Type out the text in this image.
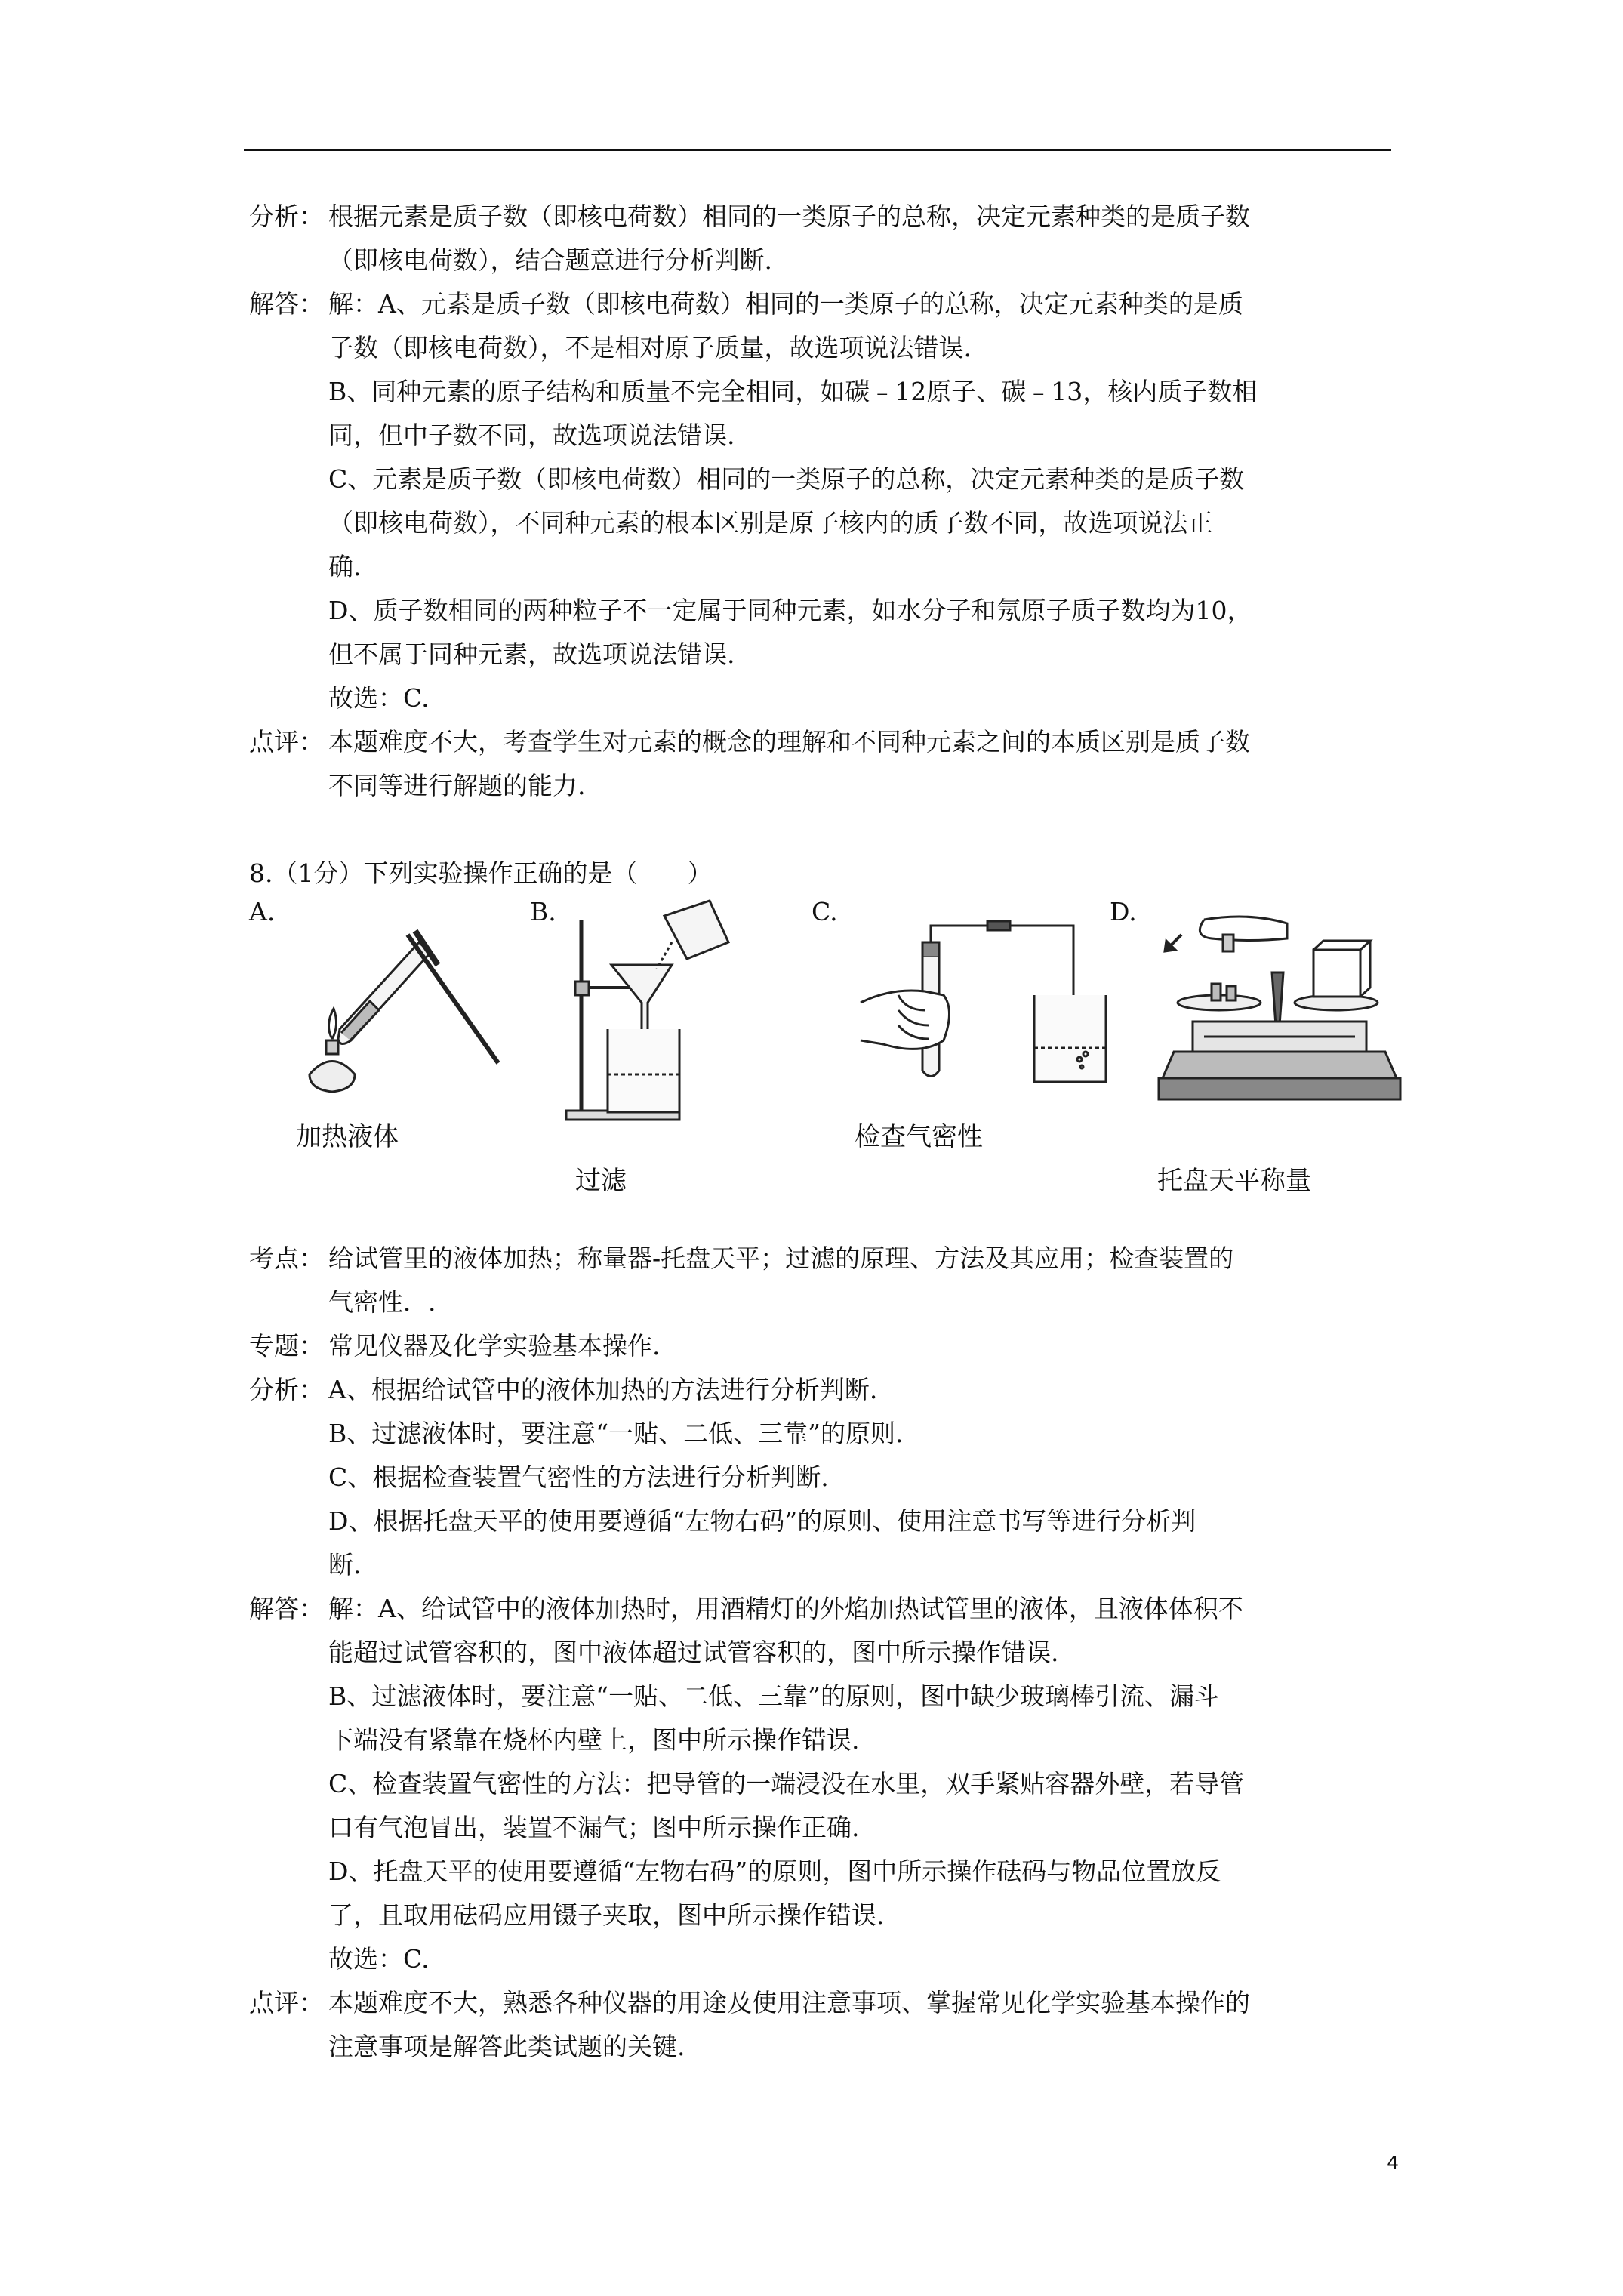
分析： 根据元素是质子数（即核电荷数）相同的一类原子的总称，决定元素种类的是质子数
（即核电荷数），结合题意进行分析判断.
解答： 解：A、元素是质子数（即核电荷数）相同的一类原子的总称，决定元素种类的是质
子数（即核电荷数），不是相对原子质量，故选项说法错误.
B、同种元素的原子结构和质量不完全相同，如碳﹣12原子、碳﹣13，核内质子数相
同，但中子数不同，故选项说法错误.
C、元素是质子数（即核电荷数）相同的一类原子的总称，决定元素种类的是质子数
（即核电荷数），不同种元素的根本区别是原子核内的质子数不同，故选项说法正
确.
D、质子数相同的两种粒子不一定属于同种元素，如水分子和氖原子质子数均为10，
但不属于同种元素，故选项说法错误.
故选：C.
点评： 本题难度不大，考查学生对元素的概念的理解和不同种元素之间的本质区别是质子数
不同等进行解题的能力.
8.（1分）下列实验操作正确的是（　　）
A.
加热液体
B.
过滤
C.
检查气密性
D.
托盘天平称量
考点： 给试管里的液体加热；称量器-托盘天平；过滤的原理、方法及其应用；检查装置的
气密性．.
专题： 常见仪器及化学实验基本操作.
分析： A、根据给试管中的液体加热的方法进行分析判断.
B、过滤液体时，要注意“一贴、二低、三靠”的原则.
C、根据检查装置气密性的方法进行分析判断.
D、根据托盘天平的使用要遵循“左物右码”的原则、使用注意书写等进行分析判
断.
解答： 解：A、给试管中的液体加热时，用酒精灯的外焰加热试管里的液体，且液体体积不
能超过试管容积的，图中液体超过试管容积的，图中所示操作错误.
B、过滤液体时，要注意“一贴、二低、三靠”的原则，图中缺少玻璃棒引流、漏斗
下端没有紧靠在烧杯内壁上，图中所示操作错误.
C、检查装置气密性的方法：把导管的一端浸没在水里，双手紧贴容器外壁，若导管
口有气泡冒出，装置不漏气；图中所示操作正确.
D、托盘天平的使用要遵循“左物右码”的原则，图中所示操作砝码与物品位置放反
了，且取用砝码应用镊子夹取，图中所示操作错误.
故选：C.
点评： 本题难度不大，熟悉各种仪器的用途及使用注意事项、掌握常见化学实验基本操作的
注意事项是解答此类试题的关键.
4
